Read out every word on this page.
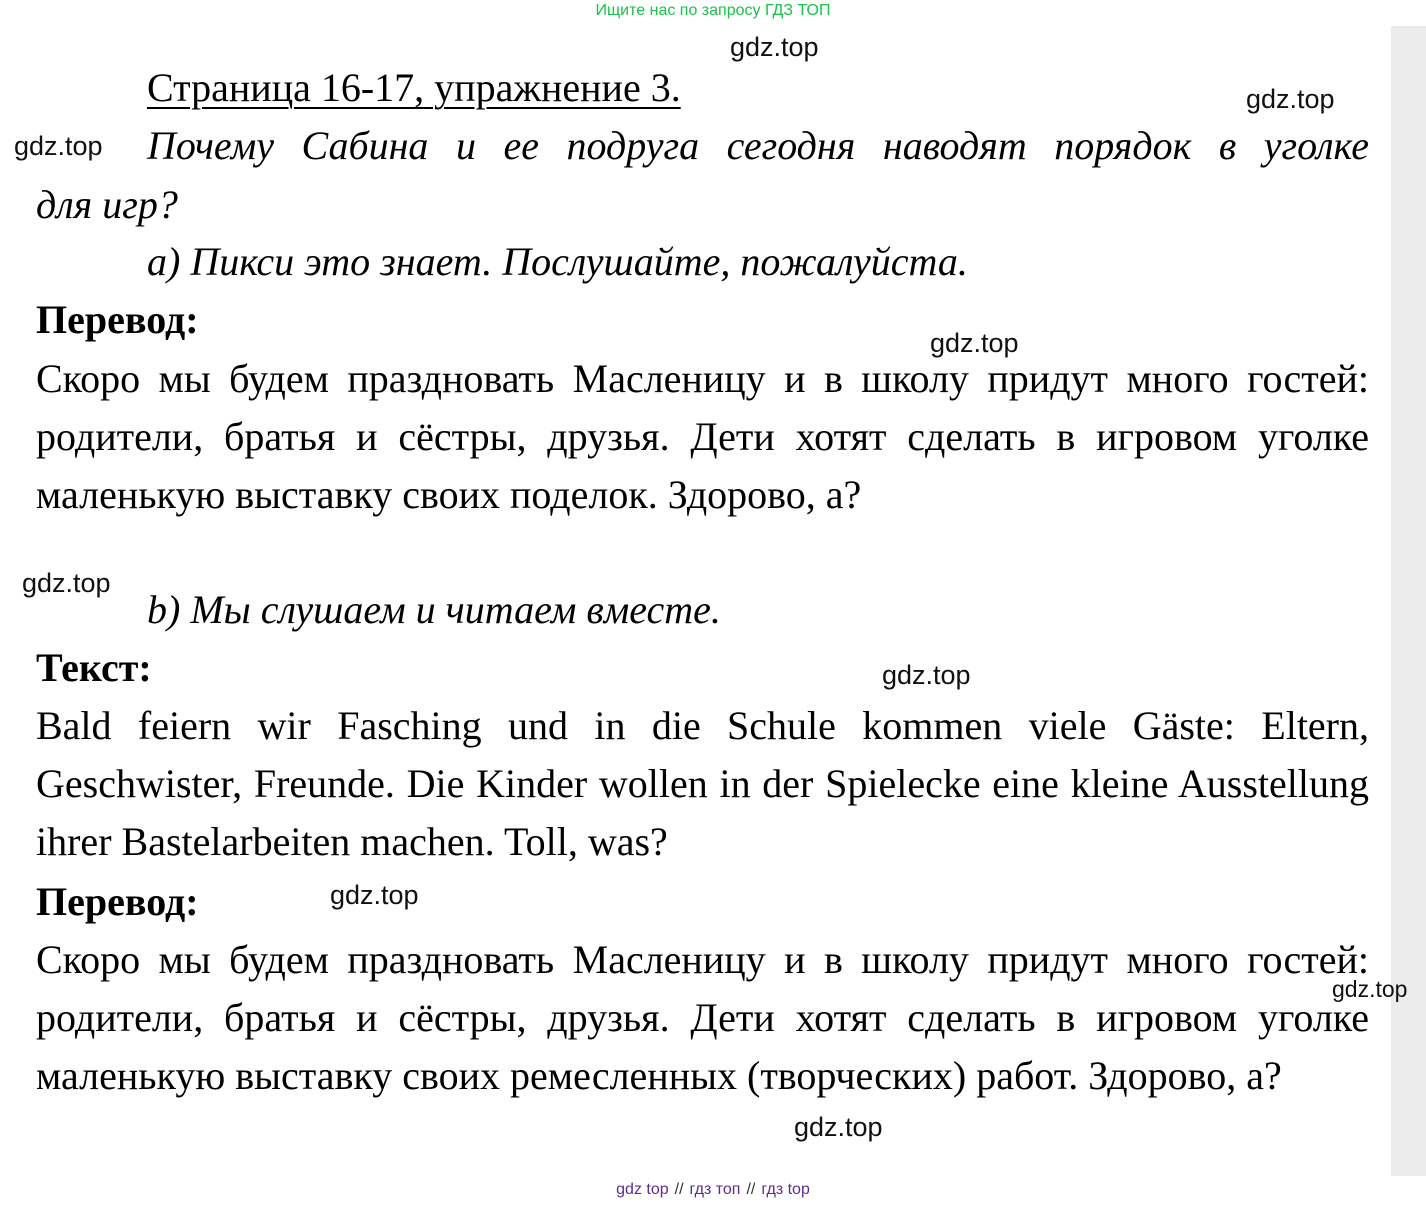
Ищите нас по запросу ГДЗ ТОП
gdz.top
gdz.top
gdz.top
gdz.top
gdz.top
gdz.top
gdz.top
gdz.top
gdz.top
Страница 16-17, упражнение 3.
Почему Сабина и ее подруга сегодня наводят порядок в уголке
для игр?
a) Пикси это знает. Послушайте, пожалуйста.
Перевод:
Скоро мы будем праздновать Масленицу и в школу придут много гостей: родители, братья и сёстры, друзья. Дети хотят сделать в игровом уголке маленькую выставку своих поделок. Здорово, а?
b) Мы слушаем и читаем вместе.
Текст:
Bald feiern wir Fasching und in die Schule kommen viele Gäste: Eltern, Geschwister, Freunde. Die Kinder wollen in der Spielecke eine kleine Ausstellung ihrer Bastelarbeiten machen. Toll, was?
Перевод:
Скоро мы будем праздновать Масленицу и в школу придут много гостей: родители, братья и сёстры, друзья. Дети хотят сделать в игровом уголке маленькую выставку своих ремесленных (творческих) работ. Здорово, а?
gdz top // гдз топ // гдз top
